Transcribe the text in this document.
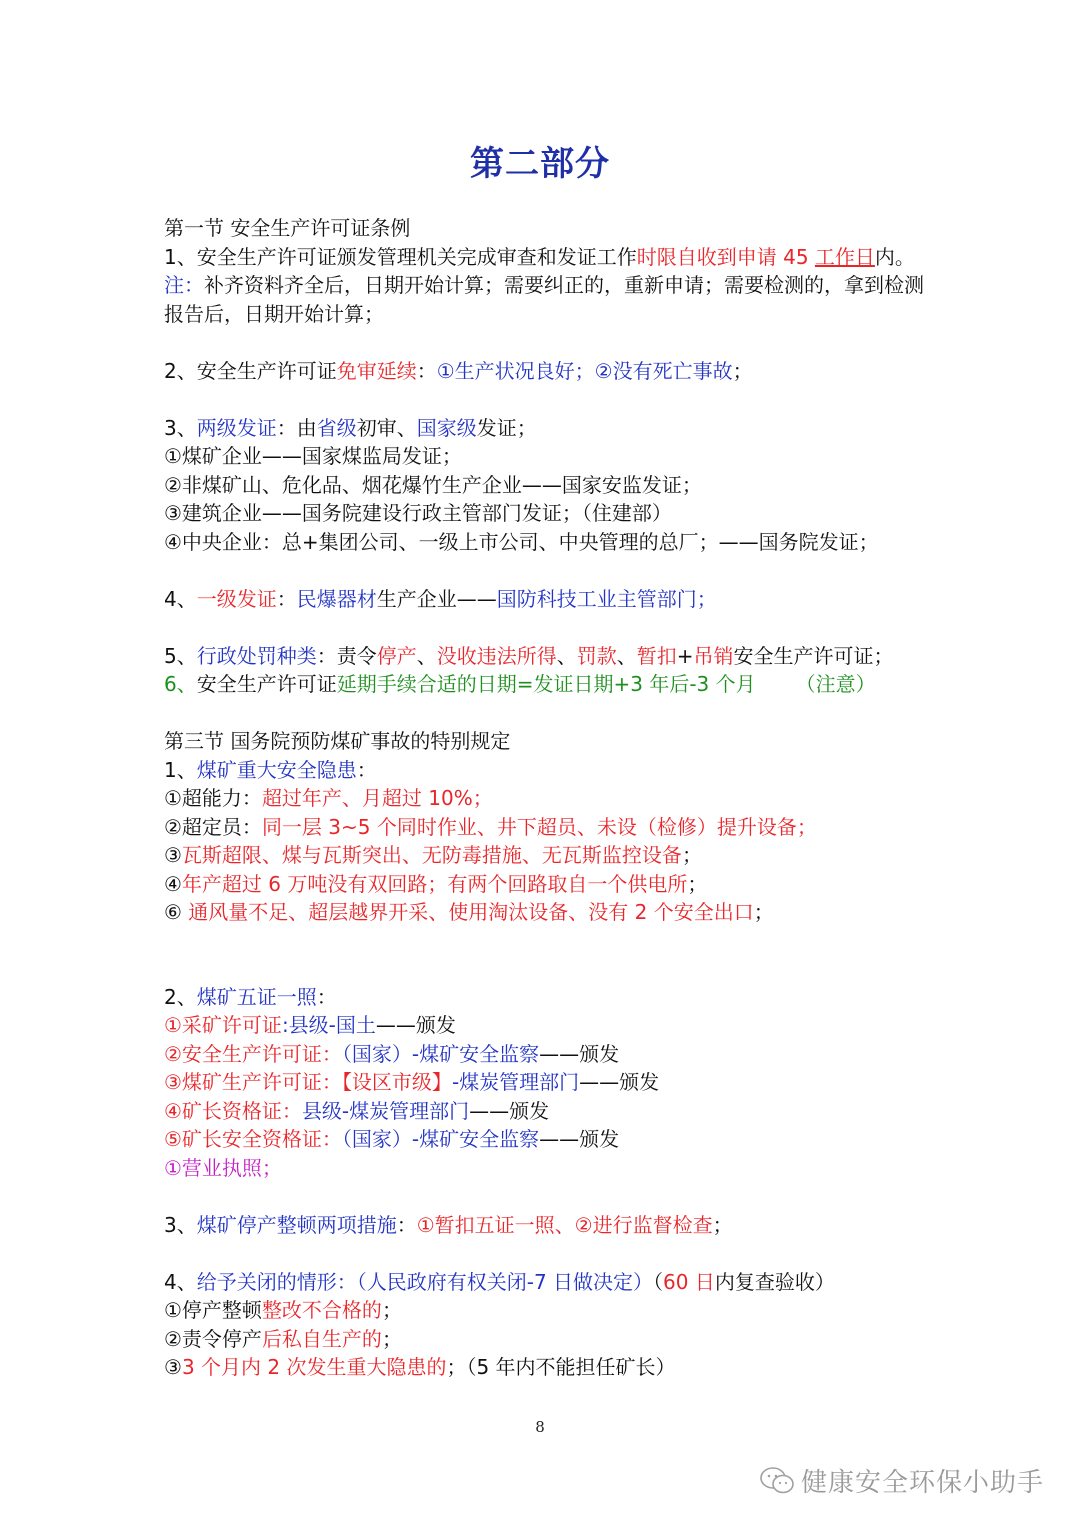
第二部分
第一节 安全生产许可证条例
1、安全生产许可证颁发管理机关完成审查和发证工作时限自收到申请 45 工作日内。注：补齐资料齐全后，日期开始计算；需要纠正的，重新申请；需要检测的，拿到检测报告后，日期开始计算；
2、安全生产许可证免审延续：①生产状况良好；②没有死亡事故；
3、两级发证：由省级初审、国家级发证；
①煤矿企业——国家煤监局发证；
②非煤矿山、危化品、烟花爆竹生产企业——国家安监发证；
③建筑企业——国务院建设行政主管部门发证；（住建部）
④中央企业：总+集团公司、一级上市公司、中央管理的总厂；——国务院发证；
4、一级发证：民爆器材生产企业——国防科技工业主管部门；
5、行政处罚种类：责令停产、没收违法所得、罚款、暂扣+吊销安全生产许可证；
6、安全生产许可证延期手续合适的日期=发证日期+3 年后-3 个月 （注意）
第三节 国务院预防煤矿事故的特别规定
1、煤矿重大安全隐患：
①超能力：超过年产、月超过 10%；
②超定员：同一层 3~5 个同时作业、井下超员、未设（检修）提升设备；
③瓦斯超限、煤与瓦斯突出、无防毒措施、无瓦斯监控设备；
④年产超过 6 万吨没有双回路；有两个回路取自一个供电所；
⑥ 通风量不足、超层越界开采、使用淘汰设备、没有 2 个安全出口；
2、煤矿五证一照：
①采矿许可证:县级-国土——颁发
②安全生产许可证：（国家）-煤矿安全监察——颁发
③煤矿生产许可证：【设区市级】-煤炭管理部门——颁发
④矿长资格证：县级-煤炭管理部门——颁发
⑤矿长安全资格证：（国家）-煤矿安全监察——颁发
①营业执照；
3、煤矿停产整顿两项措施：①暂扣五证一照、②进行监督检查；
4、给予关闭的情形：（人民政府有权关闭-7 日做决定）（60 日内复查验收）
①停产整顿整改不合格的；
②责令停产后私自生产的；
③3 个月内 2 次发生重大隐患的；（5 年内不能担任矿长）
8
健康安全环保小助手
